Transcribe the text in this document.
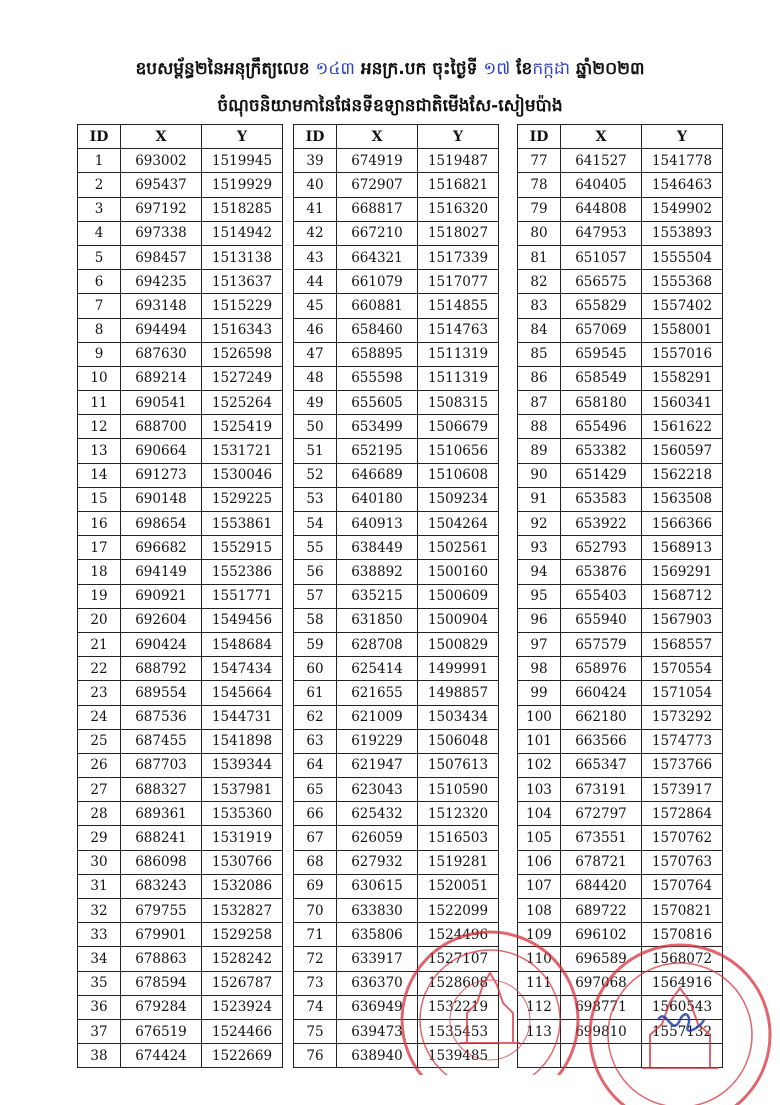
ឧបសម្ព័ន្ធ២នៃអនុក្រឹត្យលេខ ១៤៣ អនក្រ.បក ចុះថ្ងៃទី ១៧ ខែកក្កដា ឆ្នាំ២០២៣
ចំណុចនិយាមកានៃផែនទីឧទ្យានជាតិមើងសែ-សៀមប៉ាង
ID	X	Y
1	693002	1519945
2	695437	1519929
3	697192	1518285
4	697338	1514942
5	698457	1513138
6	694235	1513637
7	693148	1515229
8	694494	1516343
9	687630	1526598
10	689214	1527249
11	690541	1525264
12	688700	1525419
13	690664	1531721
14	691273	1530046
15	690148	1529225
16	698654	1553861
17	696682	1552915
18	694149	1552386
19	690921	1551771
20	692604	1549456
21	690424	1548684
22	688792	1547434
23	689554	1545664
24	687536	1544731
25	687455	1541898
26	687703	1539344
27	688327	1537981
28	689361	1535360
29	688241	1531919
30	686098	1530766
31	683243	1532086
32	679755	1532827
33	679901	1529258
34	678863	1528242
35	678594	1526787
36	679284	1523924
37	676519	1524466
38	674424	1522669
ID	X	Y
39	674919	1519487
40	672907	1516821
41	668817	1516320
42	667210	1518027
43	664321	1517339
44	661079	1517077
45	660881	1514855
46	658460	1514763
47	658895	1511319
48	655598	1511319
49	655605	1508315
50	653499	1506679
51	652195	1510656
52	646689	1510608
53	640180	1509234
54	640913	1504264
55	638449	1502561
56	638892	1500160
57	635215	1500609
58	631850	1500904
59	628708	1500829
60	625414	1499991
61	621655	1498857
62	621009	1503434
63	619229	1506048
64	621947	1507613
65	623043	1510590
66	625432	1512320
67	626059	1516503
68	627932	1519281
69	630615	1520051
70	633830	1522099
71	635806	1524496
72	633917	1527107
73	636370	1528608
74	636949	1532219
75	639473	1535453
76	638940	1539485
ID	X	Y
77	641527	1541778
78	640405	1546463
79	644808	1549902
80	647953	1553893
81	651057	1555504
82	656575	1555368
83	655829	1557402
84	657069	1558001
85	659545	1557016
86	658549	1558291
87	658180	1560341
88	655496	1561622
89	653382	1560597
90	651429	1562218
91	653583	1563508
92	653922	1566366
93	652793	1568913
94	653876	1569291
95	655403	1568712
96	655940	1567903
97	657579	1568557
98	658976	1570554
99	660424	1571054
100	662180	1573292
101	663566	1574773
102	665347	1573766
103	673191	1573917
104	672797	1572864
105	673551	1570762
106	678721	1570763
107	684420	1570764
108	689722	1570821
109	696102	1570816
110	696589	1568072
111	697068	1564916
112	698771	1560543
113	699810	1557132
